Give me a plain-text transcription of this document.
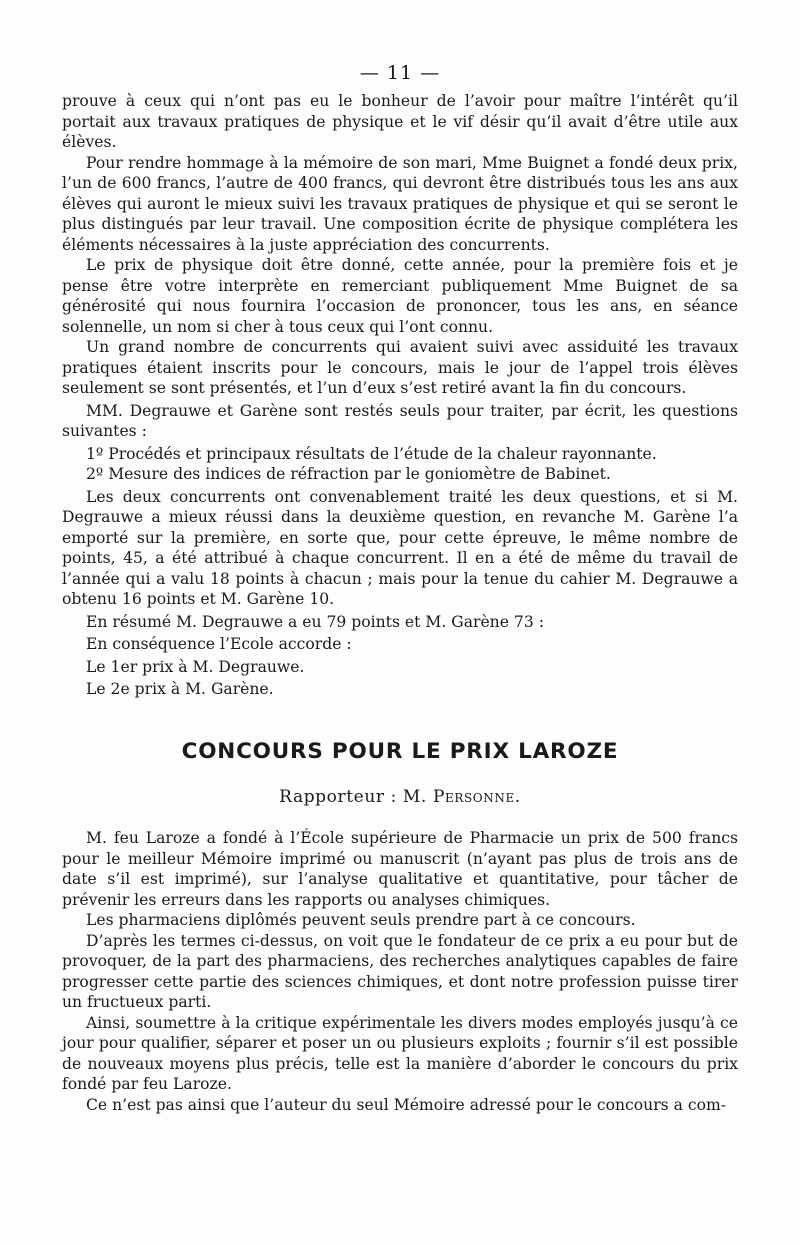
— 11 —

prouve à ceux qui n’ont pas eu le bonheur de l’avoir pour maître l’intérêt qu’il portait aux travaux pratiques de physique et le vif désir qu’il avait d’être utile aux élèves.

Pour rendre hommage à la mémoire de son mari, Mme Buignet a fondé deux prix, l’un de 600 francs, l’autre de 400 francs, qui devront être distribués tous les ans aux élèves qui auront le mieux suivi les travaux pratiques de physique et qui se seront le plus distingués par leur travail. Une composition écrite de physique complétera les éléments nécessaires à la juste appréciation des concurrents.

Le prix de physique doit être donné, cette année, pour la première fois et je pense être votre interprète en remerciant publiquement Mme Buignet de sa générosité qui nous fournira l’occasion de prononcer, tous les ans, en séance solennelle, un nom si cher à tous ceux qui l’ont connu.

Un grand nombre de concurrents qui avaient suivi avec assiduité les travaux pratiques étaient inscrits pour le concours, mais le jour de l’appel trois élèves seulement se sont présentés, et l’un d’eux s’est retiré avant la fin du concours.

MM. Degrauwe et Garène sont restés seuls pour traiter, par écrit, les questions suivantes :

1º Procédés et principaux résultats de l’étude de la chaleur rayonnante.

2º Mesure des indices de réfraction par le goniomètre de Babinet.

Les deux concurrents ont convenablement traité les deux questions, et si M. Degrauwe a mieux réussi dans la deuxième question, en revanche M. Garène l’a emporté sur la première, en sorte que, pour cette épreuve, le même nombre de points, 45, a été attribué à chaque concurrent. Il en a été de même du travail de l’année qui a valu 18 points à chacun ; mais pour la tenue du cahier M. Degrauwe a obtenu 16 points et M. Garène 10.

En résumé M. Degrauwe a eu 79 points et M. Garène 73 :

En conséquence l’Ecole accorde :

Le 1er prix à M. Degrauwe.

Le 2e prix à M. Garène.

CONCOURS POUR LE PRIX LAROZE
Rapporteur : M. Personne.

M. feu Laroze a fondé à l’École supérieure de Pharmacie un prix de 500 francs pour le meilleur Mémoire imprimé ou manuscrit (n’ayant pas plus de trois ans de date s’il est imprimé), sur l’analyse qualitative et quantitative, pour tâcher de prévenir les erreurs dans les rapports ou analyses chimiques.

Les pharmaciens diplômés peuvent seuls prendre part à ce concours.

D’après les termes ci-dessus, on voit que le fondateur de ce prix a eu pour but de provoquer, de la part des pharmaciens, des recherches analytiques capables de faire progresser cette partie des sciences chimiques, et dont notre profession puisse tirer un fructueux parti.

Ainsi, soumettre à la critique expérimentale les divers modes employés jusqu’à ce jour pour qualifier, séparer et poser un ou plusieurs exploits ; fournir s’il est possible de nouveaux moyens plus précis, telle est la manière d’aborder le concours du prix fondé par feu Laroze.

Ce n’est pas ainsi que l’auteur du seul Mémoire adressé pour le concours a com-
